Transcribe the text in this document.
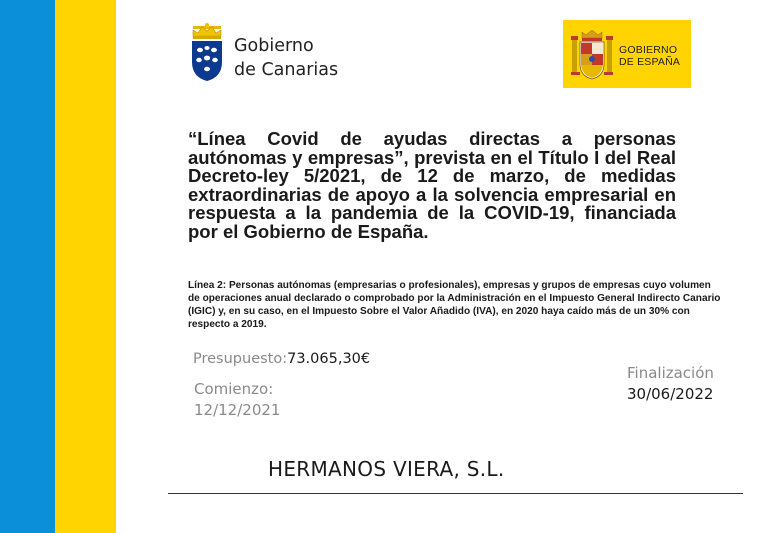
Gobierno
de Canarias
GOBIERNO
DE ESPAÑA

“Línea Covid de ayudas directas a personas autónomas y empresas”, prevista en el Título I del Real Decreto-ley 5/2021, de 12 de marzo, de medidas extraordinarias de apoyo a la solvencia empresarial en respuesta a la pandemia de la COVID-19, financiada por el Gobierno de España.

Línea 2: Personas autónomas (empresarias o profesionales), empresas y grupos de empresas cuyo volumen de operaciones anual declarado o comprobado por la Administración en el Impuesto General Indirecto Canario (IGIC) y, en su caso, en el Impuesto Sobre el Valor Añadido (IVA), en 2020 haya caído más de un 30% con respecto a 2019.

Presupuesto:73.065,30€
Comienzo:
12/12/2021
Finalización
30/06/2022
HERMANOS VIERA, S.L.
